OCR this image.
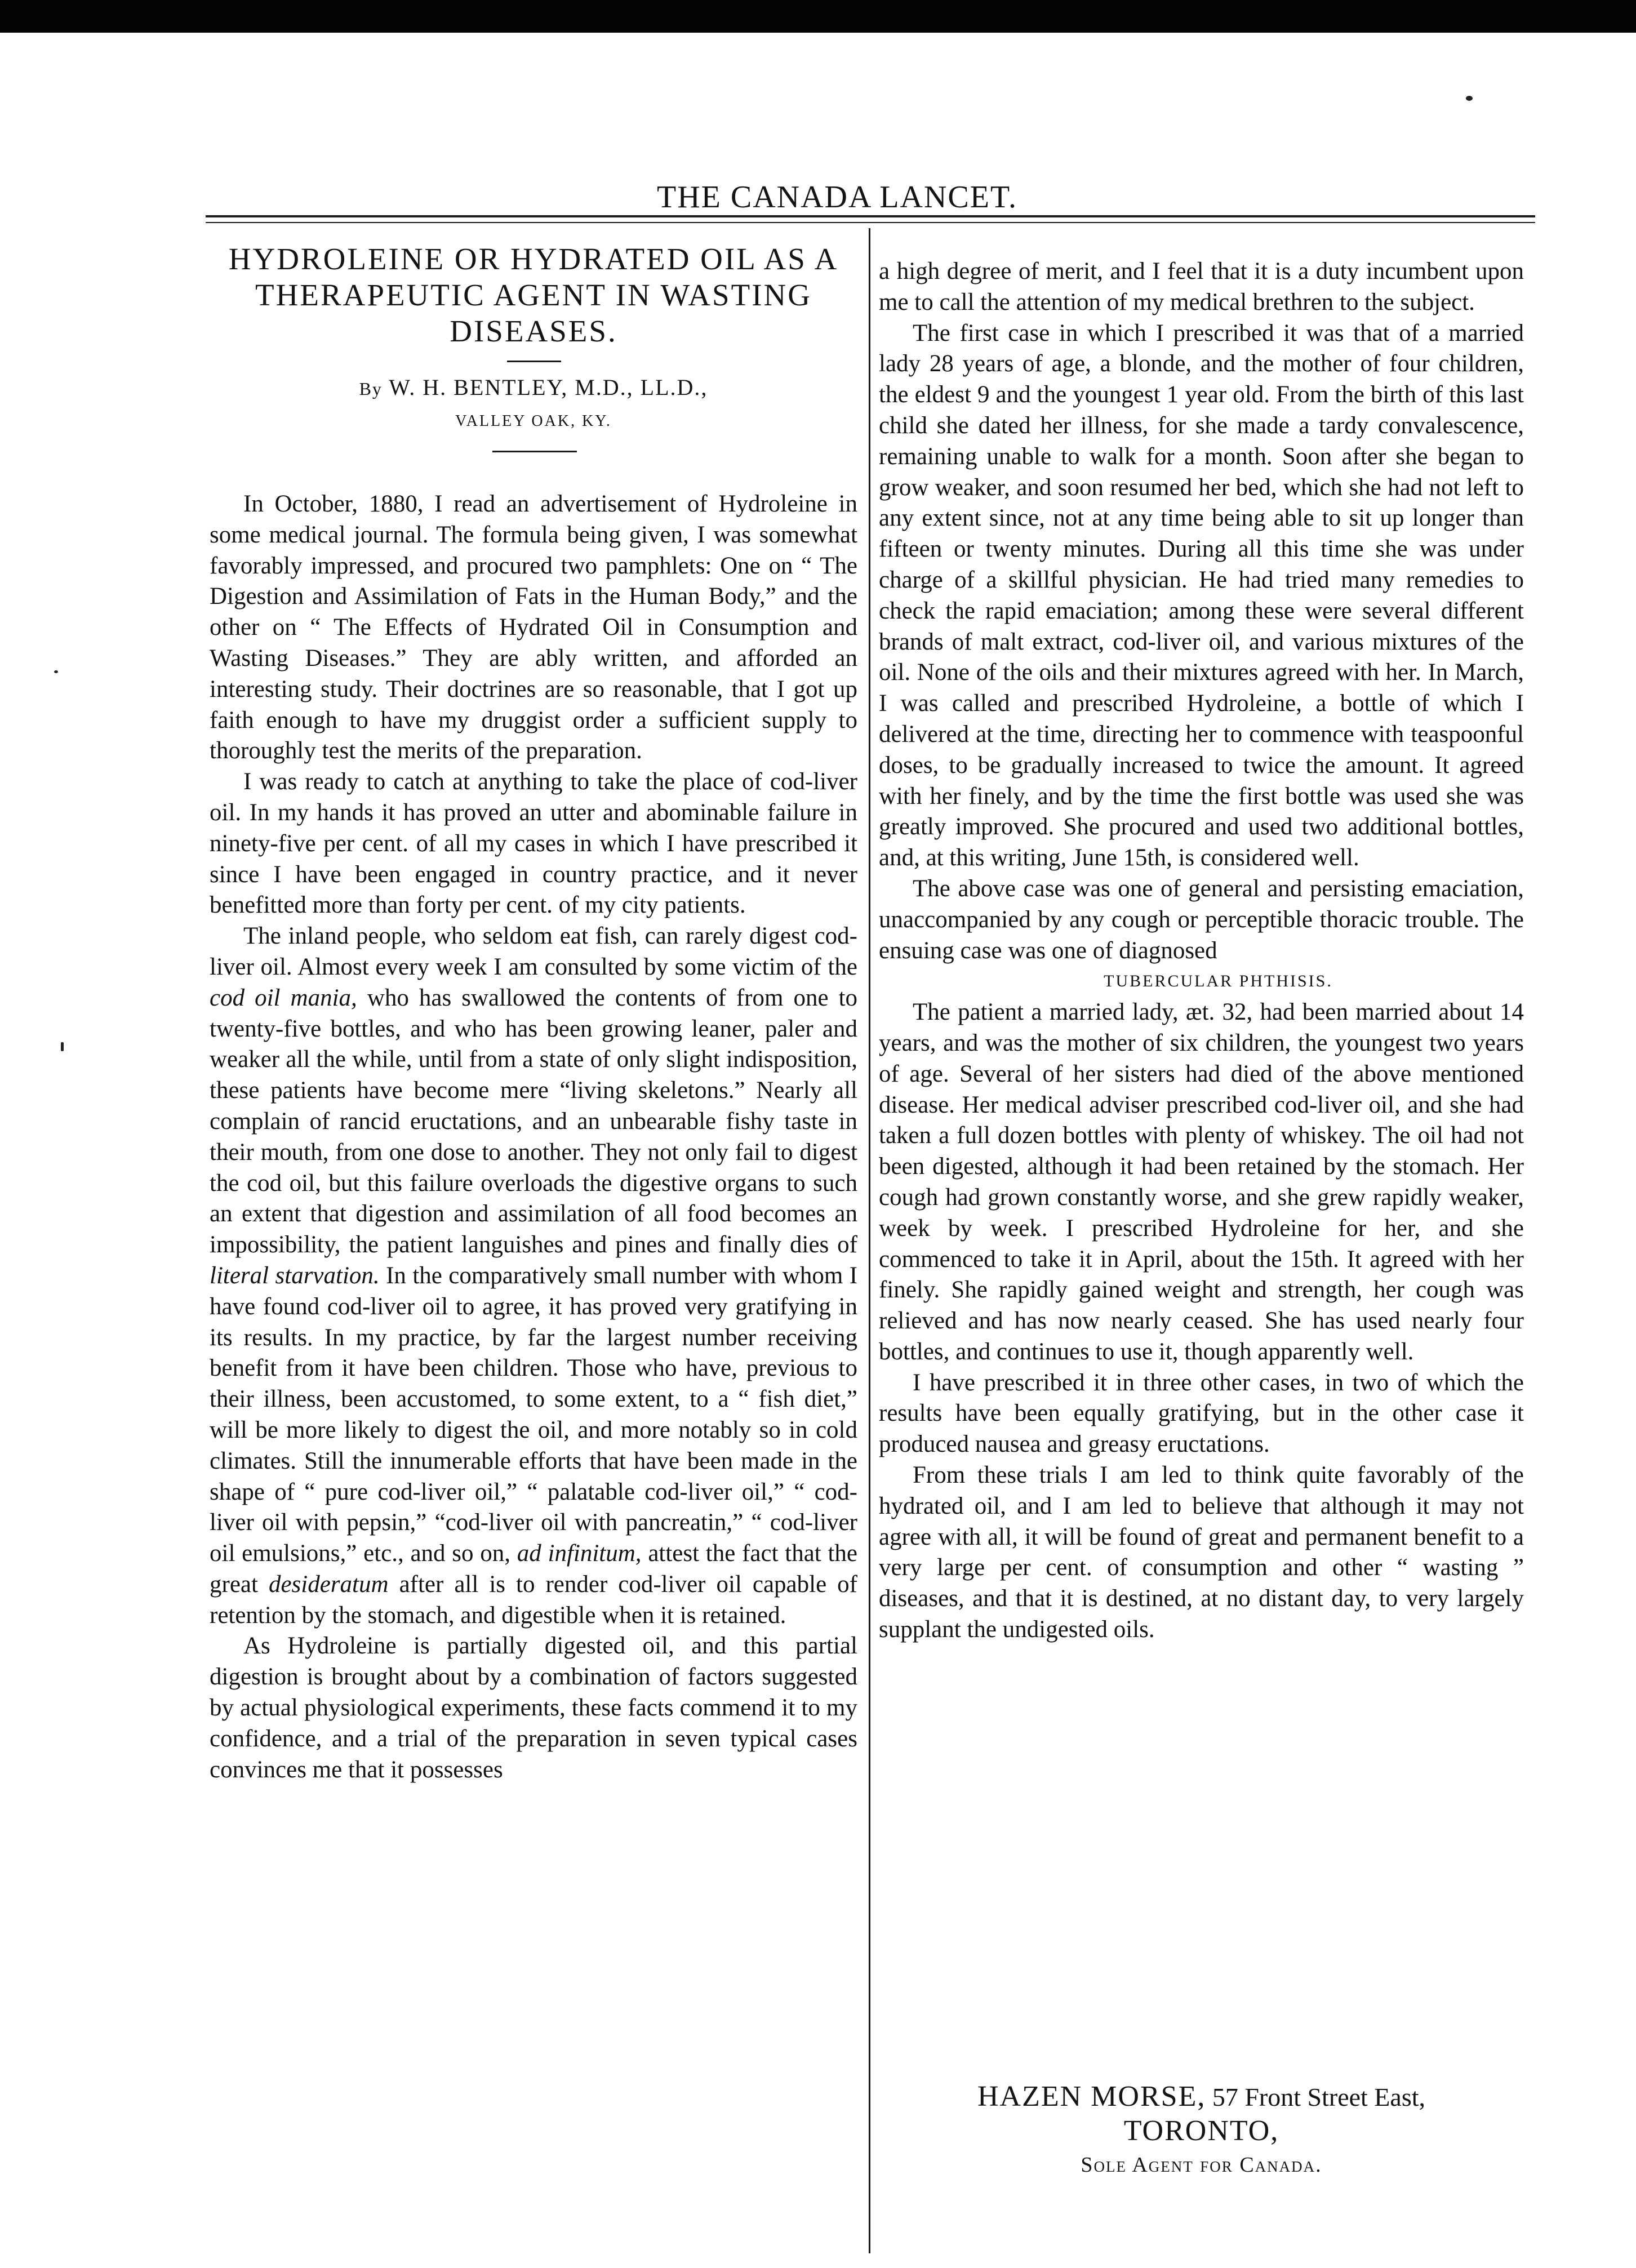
THE CANADA LANCET.
HYDROLEINE OR HYDRATED OIL AS A THERAPEUTIC AGENT IN WASTING DISEASES.
By W. H. BENTLEY, M.D., LL.D.,
VALLEY OAK, KY.

In October, 1880, I read an advertisement of Hydroleine in some medical journal. The formula being given, I was somewhat favorably impressed, and procured two pamphlets: One on “ The Digestion and Assimilation of Fats in the Human Body,” and the other on “ The Effects of Hydrated Oil in Consumption and Wasting Diseases.” They are ably written, and afforded an interesting study. Their doctrines are so reasonable, that I got up faith enough to have my druggist order a sufficient supply to thoroughly test the merits of the preparation.

I was ready to catch at anything to take the place of cod-liver oil. In my hands it has proved an utter and abominable failure in ninety-five per cent. of all my cases in which I have prescribed it since I have been engaged in country practice, and it never benefitted more than forty per cent. of my city patients.

The inland people, who seldom eat fish, can rarely digest cod-liver oil. Almost every week I am consulted by some victim of the cod oil mania, who has swallowed the contents of from one to twenty-five bottles, and who has been growing leaner, paler and weaker all the while, until from a state of only slight indisposition, these patients have become mere “living skeletons.” Nearly all complain of rancid eructations, and an unbearable fishy taste in their mouth, from one dose to another. They not only fail to digest the cod oil, but this failure overloads the digestive organs to such an extent that digestion and assimilation of all food becomes an impossibility, the patient languishes and pines and finally dies of literal starvation. In the comparatively small number with whom I have found cod-liver oil to agree, it has proved very gratifying in its results. In my practice, by far the largest number receiving benefit from it have been children. Those who have, previous to their illness, been accustomed, to some extent, to a “ fish diet,” will be more likely to digest the oil, and more notably so in cold climates. Still the innumerable efforts that have been made in the shape of “ pure cod-liver oil,” “ palatable cod-liver oil,” “ cod-liver oil with pepsin,” “cod-liver oil with pancreatin,” “ cod-liver oil emulsions,” etc., and so on, ad infinitum, attest the fact that the great desideratum after all is to render cod-liver oil capable of retention by the stomach, and digestible when it is retained.

As Hydroleine is partially digested oil, and this partial digestion is brought about by a combination of factors suggested by actual physiological experiments, these facts commend it to my confidence, and a trial of the preparation in seven typical cases convinces me that it possesses

a high degree of merit, and I feel that it is a duty incumbent upon me to call the attention of my medical brethren to the subject.

The first case in which I prescribed it was that of a married lady 28 years of age, a blonde, and the mother of four children, the eldest 9 and the youngest 1 year old. From the birth of this last child she dated her illness, for she made a tardy convalescence, remaining unable to walk for a month. Soon after she began to grow weaker, and soon resumed her bed, which she had not left to any extent since, not at any time being able to sit up longer than fifteen or twenty minutes. During all this time she was under charge of a skillful physician. He had tried many remedies to check the rapid emaciation; among these were several different brands of malt extract, cod-liver oil, and various mixtures of the oil. None of the oils and their mixtures agreed with her. In March, I was called and prescribed Hydroleine, a bottle of which I delivered at the time, directing her to commence with teaspoonful doses, to be gradually increased to twice the amount. It agreed with her finely, and by the time the first bottle was used she was greatly improved. She procured and used two additional bottles, and, at this writing, June 15th, is considered well.

The above case was one of general and persisting emaciation, unaccompanied by any cough or perceptible thoracic trouble. The ensuing case was one of diagnosed

TUBERCULAR PHTHISIS.

The patient a married lady, æt. 32, had been married about 14 years, and was the mother of six children, the youngest two years of age. Several of her sisters had died of the above mentioned disease. Her medical adviser prescribed cod-liver oil, and she had taken a full dozen bottles with plenty of whiskey. The oil had not been digested, although it had been retained by the stomach. Her cough had grown constantly worse, and she grew rapidly weaker, week by week. I prescribed Hydroleine for her, and she commenced to take it in April, about the 15th. It agreed with her finely. She rapidly gained weight and strength, her cough was relieved and has now nearly ceased. She has used nearly four bottles, and continues to use it, though apparently well.

I have prescribed it in three other cases, in two of which the results have been equally gratifying, but in the other case it produced nausea and greasy eructations.

From these trials I am led to think quite favorably of the hydrated oil, and I am led to believe that although it may not agree with all, it will be found of great and permanent benefit to a very large per cent. of consumption and other “ wasting ” diseases, and that it is destined, at no distant day, to very largely supplant the undigested oils.

HAZEN MORSE, 57 Front Street East,
TORONTO,
Sole Agent for Canada.
